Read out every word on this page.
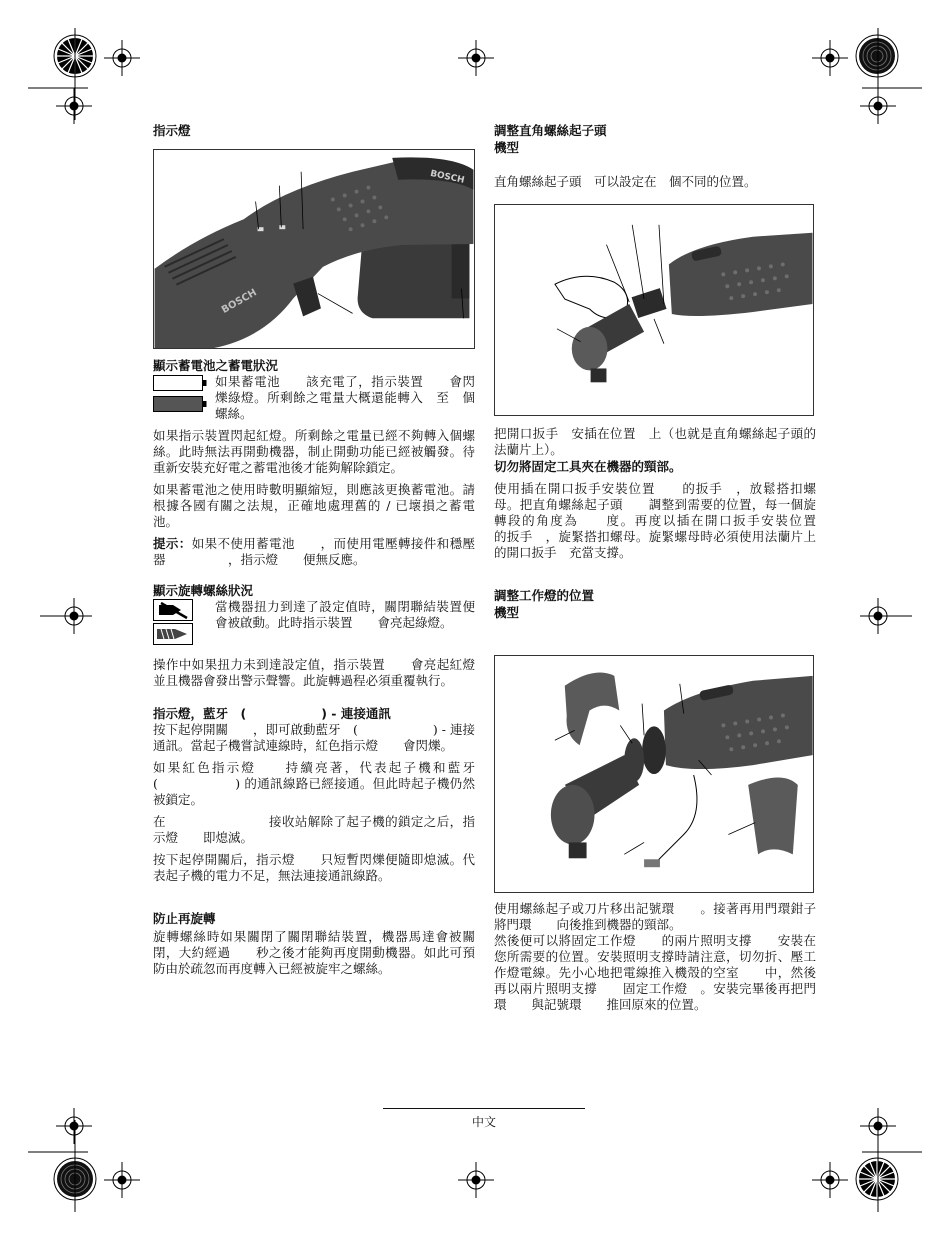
指示燈

BOSCH
BOSCH

顯示蓄電池之蓄電狀況

如果蓄電池　　該充電了，指示裝置　　會閃爍綠燈。所剩餘之電量大概還能轉入　至　個螺絲。

如果指示裝置閃起紅燈。所剩餘之電量已經不夠轉入個螺絲。此時無法再開動機器，制止開動功能已經被觸發。待重新安裝充好電之蓄電池後才能夠解除鎖定。

如果蓄電池之使用時數明顯縮短，則應該更換蓄電池。請根據各國有關之法規，正確地處理舊的 / 已壞損之蓄電池。

提示：如果不使用蓄電池　　，而使用電壓轉接件和穩壓器　　　　　，指示燈　　便無反應。

顯示旋轉螺絲狀況

當機器扭力到達了設定值時，關閉聯結裝置便會被啟動。此時指示裝置　　會亮起綠燈。

操作中如果扭力未到達設定值，指示裝置　　會亮起紅燈並且機器會發出警示聲響。此旋轉過程必須重覆執行。

指示燈，藍牙　(　　　　　　) - 連接通訊

按下起停開關　　，即可啟動藍牙　(　　　　　　) - 連接通訊。當起子機嘗試連線時，紅色指示燈　　會閃爍。

如果紅色指示燈　　持續亮著，代表起子機和藍牙　(　　　　　　) 的通訊線路已經接通。但此時起子機仍然被鎖定。

在　　　　　　　　接收站解除了起子機的鎖定之后，指示燈　　即熄滅。

按下起停開關后，指示燈　　只短暫閃爍便隨即熄滅。代表起子機的電力不足，無法連接通訊線路。

防止再旋轉

旋轉螺絲時如果關閉了關閉聯結裝置，機器馬達會被關閉，大約經過　　秒之後才能夠再度開動機器。如此可預防由於疏忽而再度轉入已經被旋牢之螺絲。

調整直角螺絲起子頭

機型

直角螺絲起子頭　可以設定在　個不同的位置。

把開口扳手　安插在位置　上（也就是直角螺絲起子頭的法蘭片上）。

切勿將固定工具夾在機器的頸部。

使用插在開口扳手安裝位置　　的扳手　，放鬆搭扣螺母。把直角螺絲起子頭　　調整到需要的位置，每一個旋轉段的角度為　　度。再度以插在開口扳手安裝位置　　的扳手　，旋緊搭扣螺母。旋緊螺母時必須使用法蘭片上的開口扳手　充當支撐。

調整工作燈的位置

機型

使用螺絲起子或刀片移出記號環　　。接著再用門環鉗子將門環　　向後推到機器的頸部。

然後便可以將固定工作燈　　的兩片照明支撐　　安裝在您所需要的位置。安裝照明支撐時請注意，切勿折、壓工作燈電線。先小心地把電線推入機殼的空室　　中，然後再以兩片照明支撐　　固定工作燈　。安裝完畢後再把門環　　與記號環　　推回原來的位置。

中文
